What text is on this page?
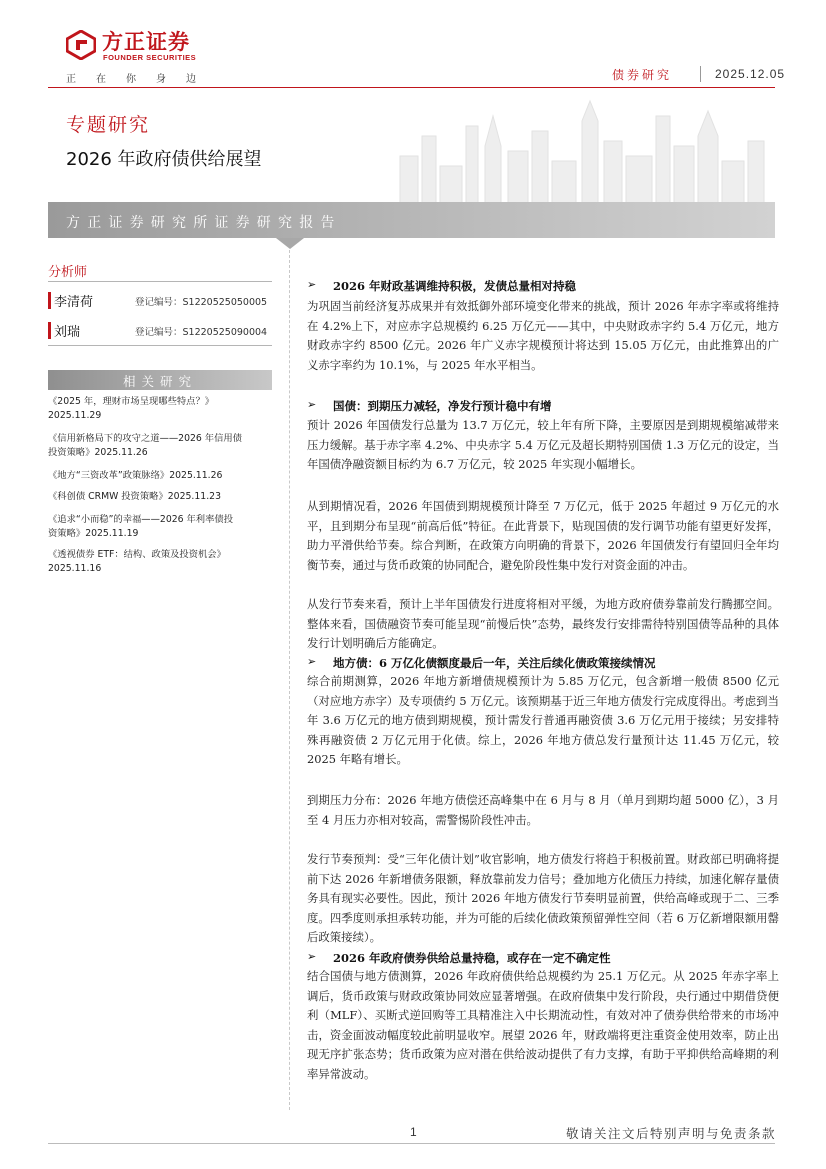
方正证券
FOUNDER SECURITIES
正在你身边	债券研究	2025.12.05
专题研究
2026 年政府债供给展望
方正证券研究所证券研究报告
分析师
李清荷	登记编号：S1220525050005
刘瑞	登记编号：S1220525090004
相关研究
《2025 年，理财市场呈现哪些特点？》
2025.11.29
《信用新格局下的攻守之道——2026 年信用债
投资策略》2025.11.26
《地方“三资改革”政策脉络》2025.11.26
《科创债 CRMW 投资策略》2025.11.23
《追求“小而稳”的幸福——2026 年利率债投
资策略》2025.11.19
《透视债券 ETF：结构、政策及投资机会》
2025.11.16
➢	2026 年财政基调维持积极，发债总量相对持稳
为巩固当前经济复苏成果并有效抵御外部环境变化带来的挑战，预计 2026 年赤字率或将维持在 4.2%上下，对应赤字总规模约 6.25 万亿元——其中，中央财政赤字约 5.4 万亿元，地方财政赤字约 8500 亿元。2026 年广义赤字规模预计将达到 15.05 万亿元，由此推算出的广义赤字率约为 10.1%，与 2025 年水平相当。
➢	国债：到期压力减轻，净发行预计稳中有增
预计 2026 年国债发行总量为 13.7 万亿元，较上年有所下降，主要原因是到期规模缩减带来压力缓解。基于赤字率 4.2%、中央赤字 5.4 万亿元及超长期特别国债 1.3 万亿元的设定，当年国债净融资额目标约为 6.7 万亿元，较 2025 年实现小幅增长。
从到期情况看，2026 年国债到期规模预计降至 7 万亿元，低于 2025 年超过 9 万亿元的水平，且到期分布呈现“前高后低”特征。在此背景下，贴现国债的发行调节功能有望更好发挥，助力平滑供给节奏。综合判断，在政策方向明确的背景下，2026 年国债发行有望回归全年均衡节奏，通过与货币政策的协同配合，避免阶段性集中发行对资金面的冲击。
从发行节奏来看，预计上半年国债发行进度将相对平缓，为地方政府债券靠前发行腾挪空间。整体来看，国债融资节奏可能呈现“前慢后快”态势，最终发行安排需待特别国债等品种的具体发行计划明确后方能确定。
➢	地方债：6 万亿化债额度最后一年，关注后续化债政策接续情况
综合前期测算，2026 年地方新增债规模预计为 5.85 万亿元，包含新增一般债 8500 亿元（对应地方赤字）及专项债约 5 万亿元。该预期基于近三年地方债发行完成度得出。考虑到当年 3.6 万亿元的地方债到期规模，预计需发行普通再融资债 3.6 万亿元用于接续；另安排特殊再融资债 2 万亿元用于化债。综上，2026 年地方债总发行量预计达 11.45 万亿元，较 2025 年略有增长。
到期压力分布：2026 年地方债偿还高峰集中在 6 月与 8 月（单月到期均超 5000 亿），3 月至 4 月压力亦相对较高，需警惕阶段性冲击。
发行节奏预判：受“三年化债计划”收官影响，地方债发行将趋于积极前置。财政部已明确将提前下达 2026 年新增债务限额，释放靠前发力信号；叠加地方化债压力持续，加速化解存量债务具有现实必要性。因此，预计 2026 年地方债发行节奏明显前置，供给高峰或现于二、三季度。四季度则承担承转功能，并为可能的后续化债政策预留弹性空间（若 6 万亿新增限额用罄后政策接续）。
➢	2026 年政府债券供给总量持稳，或存在一定不确定性
结合国债与地方债测算，2026 年政府债供给总规模约为 25.1 万亿元。从 2025 年赤字率上调后，货币政策与财政政策协同效应显著增强。在政府债集中发行阶段，央行通过中期借贷便利（MLF）、买断式逆回购等工具精准注入中长期流动性，有效对冲了债券供给带来的市场冲击，资金面波动幅度较此前明显收窄。展望 2026 年，财政端将更注重资金使用效率，防止出现无序扩张态势；货币政策为应对潜在供给波动提供了有力支撑，有助于平抑供给高峰期的利率异常波动。
1	敬请关注文后特别声明与免责条款
